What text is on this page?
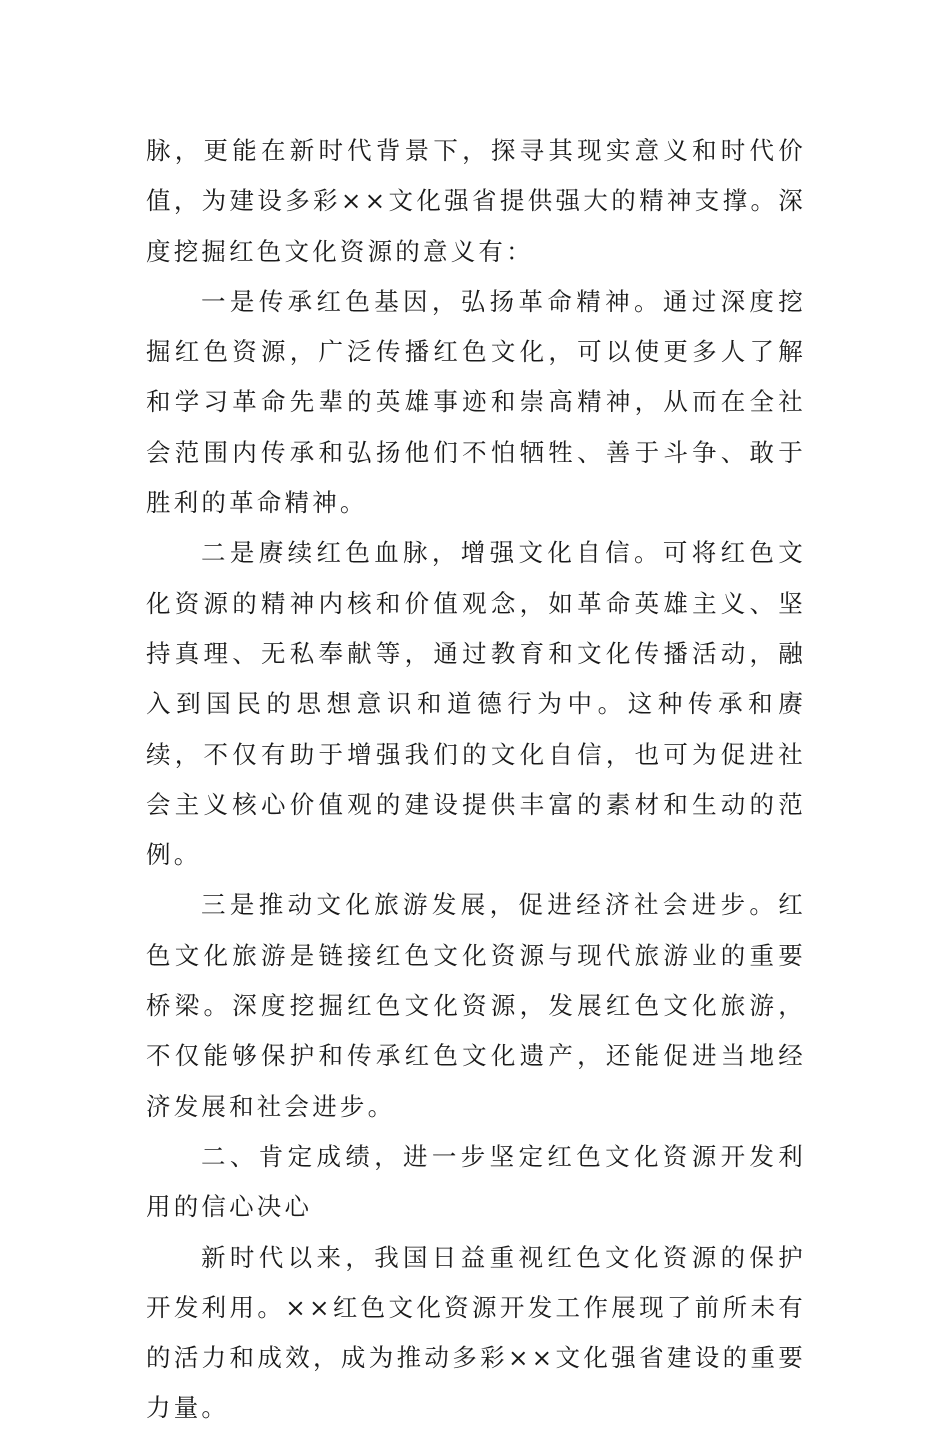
脉，更能在新时代背景下，探寻其现实意义和时代价值，为建设多彩××文化强省提供强大的精神支撑。深度挖掘红色文化资源的意义有：

一是传承红色基因，弘扬革命精神。通过深度挖掘红色资源，广泛传播红色文化，可以使更多人了解和学习革命先辈的英雄事迹和崇高精神，从而在全社会范围内传承和弘扬他们不怕牺牲、善于斗争、敢于胜利的革命精神。

二是赓续红色血脉，增强文化自信。可将红色文化资源的精神内核和价值观念，如革命英雄主义、坚持真理、无私奉献等，通过教育和文化传播活动，融入到国民的思想意识和道德行为中。这种传承和赓续，不仅有助于增强我们的文化自信，也可为促进社会主义核心价值观的建设提供丰富的素材和生动的范例。

三是推动文化旅游发展，促进经济社会进步。红色文化旅游是链接红色文化资源与现代旅游业的重要桥梁。深度挖掘红色文化资源，发展红色文化旅游，不仅能够保护和传承红色文化遗产，还能促进当地经济发展和社会进步。

二、肯定成绩，进一步坚定红色文化资源开发利用的信心决心

新时代以来，我国日益重视红色文化资源的保护开发利用。××红色文化资源开发工作展现了前所未有的活力和成效，成为推动多彩××文化强省建设的重要力量。
